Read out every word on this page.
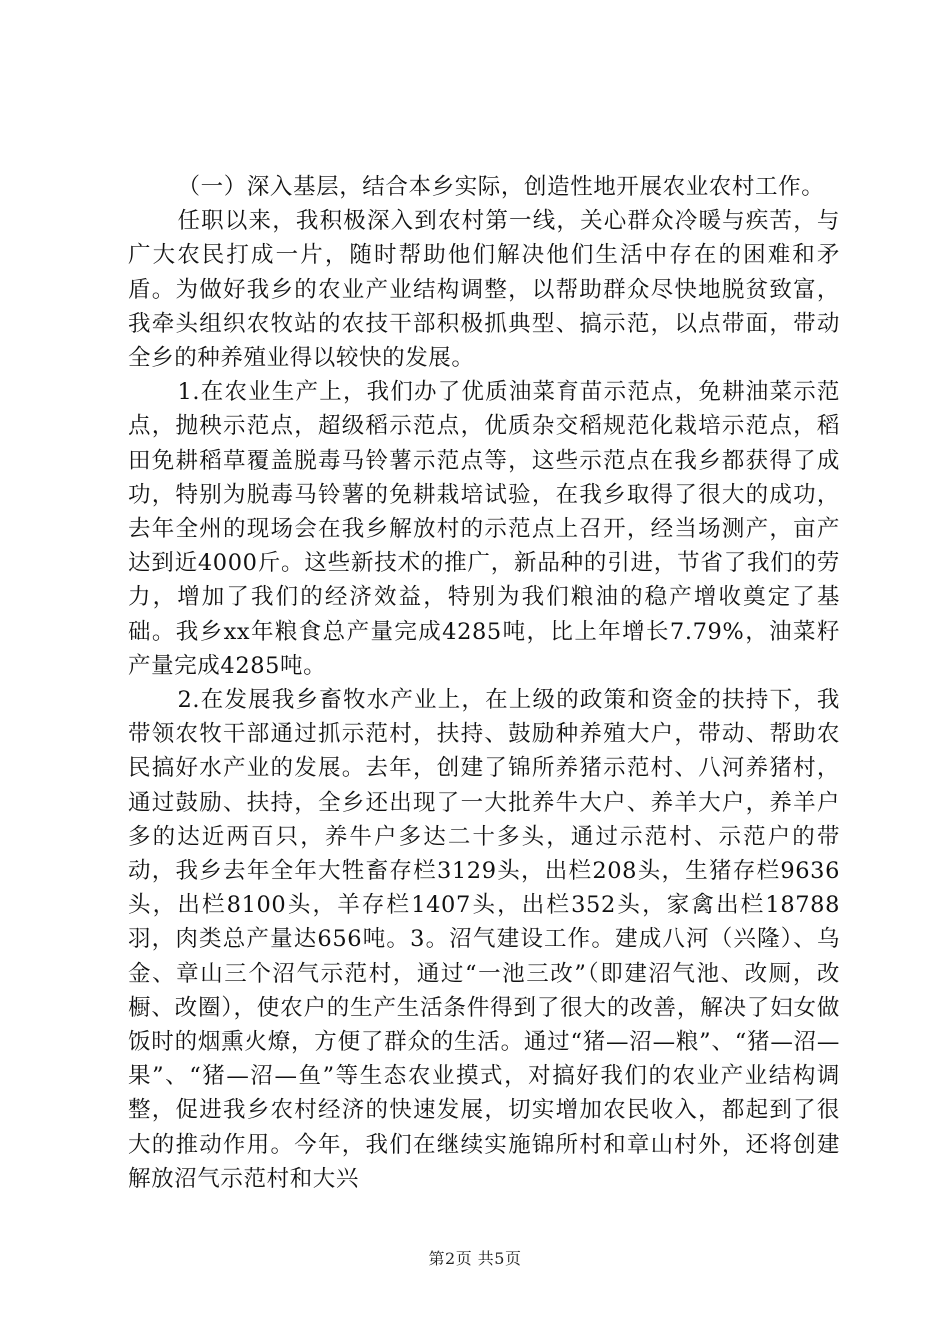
（一）深入基层，结合本乡实际，创造性地开展农业农村工作。

任职以来，我积极深入到农村第一线，关心群众冷暖与疾苦，与广大农民打成一片，随时帮助他们解决他们生活中存在的困难和矛盾。为做好我乡的农业产业结构调整，以帮助群众尽快地脱贫致富，我牵头组织农牧站的农技干部积极抓典型、搞示范，以点带面，带动全乡的种养殖业得以较快的发展。

1.在农业生产上，我们办了优质油菜育苗示范点，免耕油菜示范点，抛秧示范点，超级稻示范点，优质杂交稻规范化栽培示范点，稻田免耕稻草覆盖脱毒马铃薯示范点等，这些示范点在我乡都获得了成功，特别为脱毒马铃薯的免耕栽培试验，在我乡取得了很大的成功，去年全州的现场会在我乡解放村的示范点上召开，经当场测产，亩产达到近4000斤。这些新技术的推广，新品种的引进，节省了我们的劳力，增加了我们的经济效益，特别为我们粮油的稳产增收奠定了基础。我乡xx年粮食总产量完成4285吨，比上年增长7.79%，油菜籽产量完成4285吨。

2.在发展我乡畜牧水产业上，在上级的政策和资金的扶持下，我带领农牧干部通过抓示范村，扶持、鼓励种养殖大户，带动、帮助农民搞好水产业的发展。去年，创建了锦所养猪示范村、八河养猪村，通过鼓励、扶持，全乡还出现了一大批养牛大户、养羊大户，养羊户多的达近两百只，养牛户多达二十多头，通过示范村、示范户的带动，我乡去年全年大牲畜存栏3129头，出栏208头，生猪存栏9636头，出栏8100头，羊存栏1407头，出栏352头，家禽出栏18788羽，肉类总产量达656吨。3。沼气建设工作。建成八河（兴隆）、乌金、章山三个沼气示范村，通过“一池三改”（即建沼气池、改厕，改橱、改圈），使农户的生产生活条件得到了很大的改善，解决了妇女做饭时的烟熏火燎，方便了群众的生活。通过“猪—沼—粮”、“猪—沼—果”、“猪—沼—鱼”等生态农业摸式，对搞好我们的农业产业结构调整，促进我乡农村经济的快速发展，切实增加农民收入，都起到了很大的推动作用。今年，我们在继续实施锦所村和章山村外，还将创建解放沼气示范村和大兴

第2页 共5页
